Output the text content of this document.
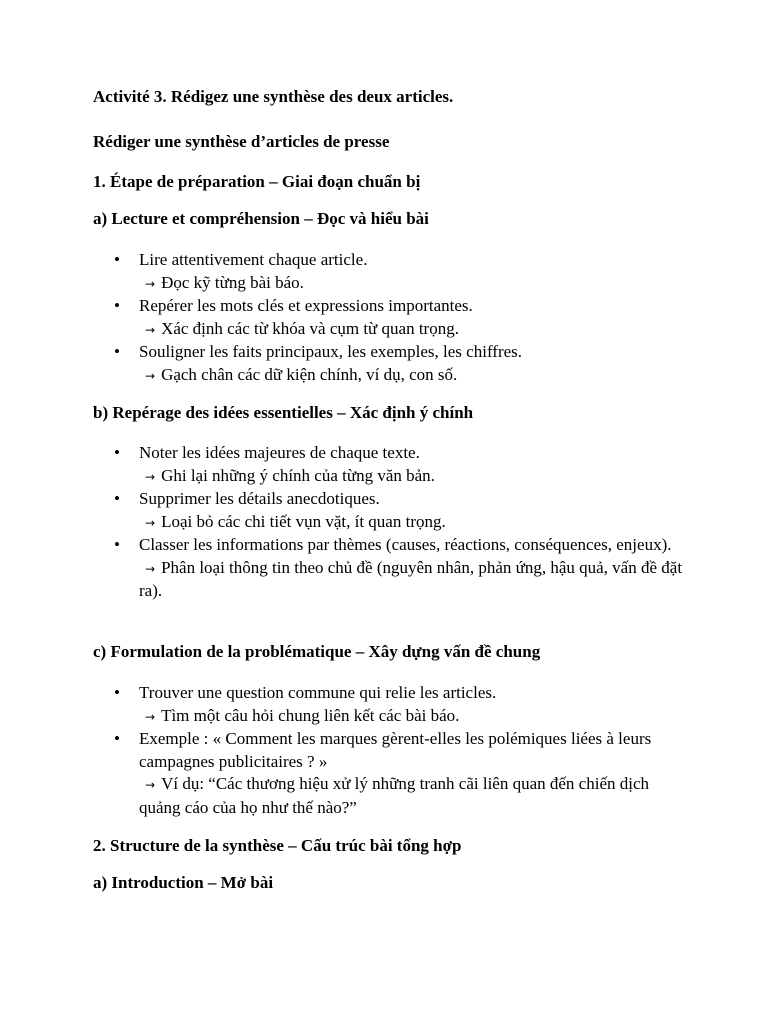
Activité 3. Rédigez une synthèse des deux articles.
Rédiger une synthèse d’articles de presse
1. Étape de préparation – Giai đoạn chuẩn bị
a) Lecture et compréhension – Đọc và hiểu bài
• Lire attentivement chaque article.
→ Đọc kỹ từng bài báo.
• Repérer les mots clés et expressions importantes.
→ Xác định các từ khóa và cụm từ quan trọng.
• Souligner les faits principaux, les exemples, les chiffres.
→ Gạch chân các dữ kiện chính, ví dụ, con số.
b) Repérage des idées essentielles – Xác định ý chính
• Noter les idées majeures de chaque texte.
→ Ghi lại những ý chính của từng văn bản.
• Supprimer les détails anecdotiques.
→ Loại bỏ các chi tiết vụn vặt, ít quan trọng.
• Classer les informations par thèmes (causes, réactions, conséquences, enjeux).
→ Phân loại thông tin theo chủ đề (nguyên nhân, phản ứng, hậu quả, vấn đề đặt ra).
c) Formulation de la problématique – Xây dựng vấn đề chung
• Trouver une question commune qui relie les articles.
→ Tìm một câu hỏi chung liên kết các bài báo.
• Exemple : « Comment les marques gèrent-elles les polémiques liées à leurs campagnes publicitaires ? »
→ Ví dụ: “Các thương hiệu xử lý những tranh cãi liên quan đến chiến dịch quảng cáo của họ như thế nào?”
2. Structure de la synthèse – Cấu trúc bài tổng hợp
a) Introduction – Mở bài
